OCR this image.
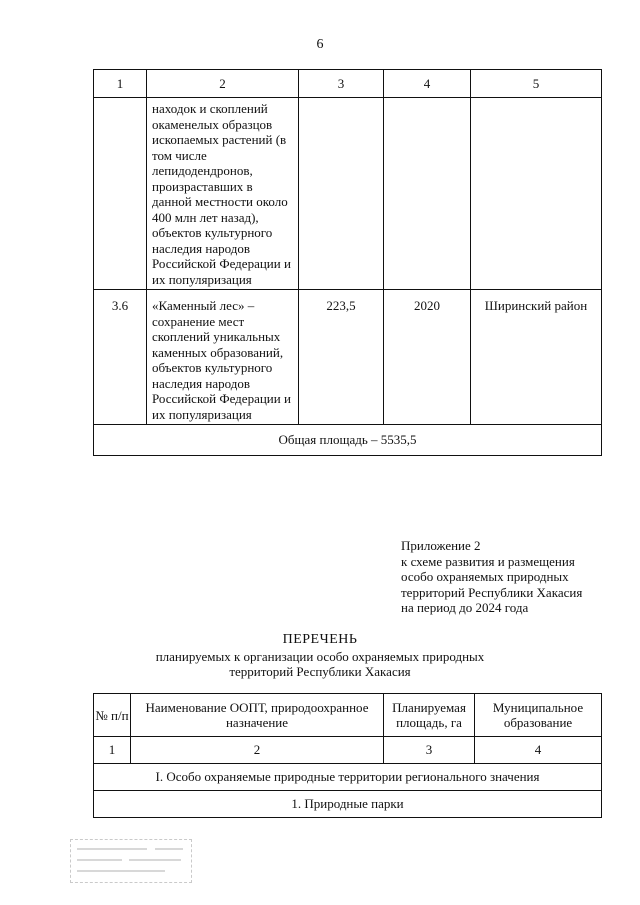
6
1	2	3	4	5
	находок и скоплений окаменелых образцов ископаемых растений (в том числе лепидодендронов, произраставших в данной местности около 400 млн лет назад), объектов культурного наследия народов Российской Федерации и их популяризация			
3.6	«Каменный лес» – сохранение мест скоплений уникальных каменных образований, объектов культурного наследия народов Российской Федерации и их популяризация	223,5	2020	Ширинский район
Общая площадь – 5535,5				
Приложение 2
к схеме развития и размещения
особо охраняемых природных
территорий Республики Хакасия
на период до 2024 года
ПЕРЕЧЕНЬ
планируемых к организации особо охраняемых природных
территорий Республики Хакасия
№ п/п	Наименование ООПТ, природоохранное назначение	Планируемая площадь, га	Муниципальное образование
1	2	3	4
I. Особо охраняемые природные территории регионального значения			
1. Природные парки			
